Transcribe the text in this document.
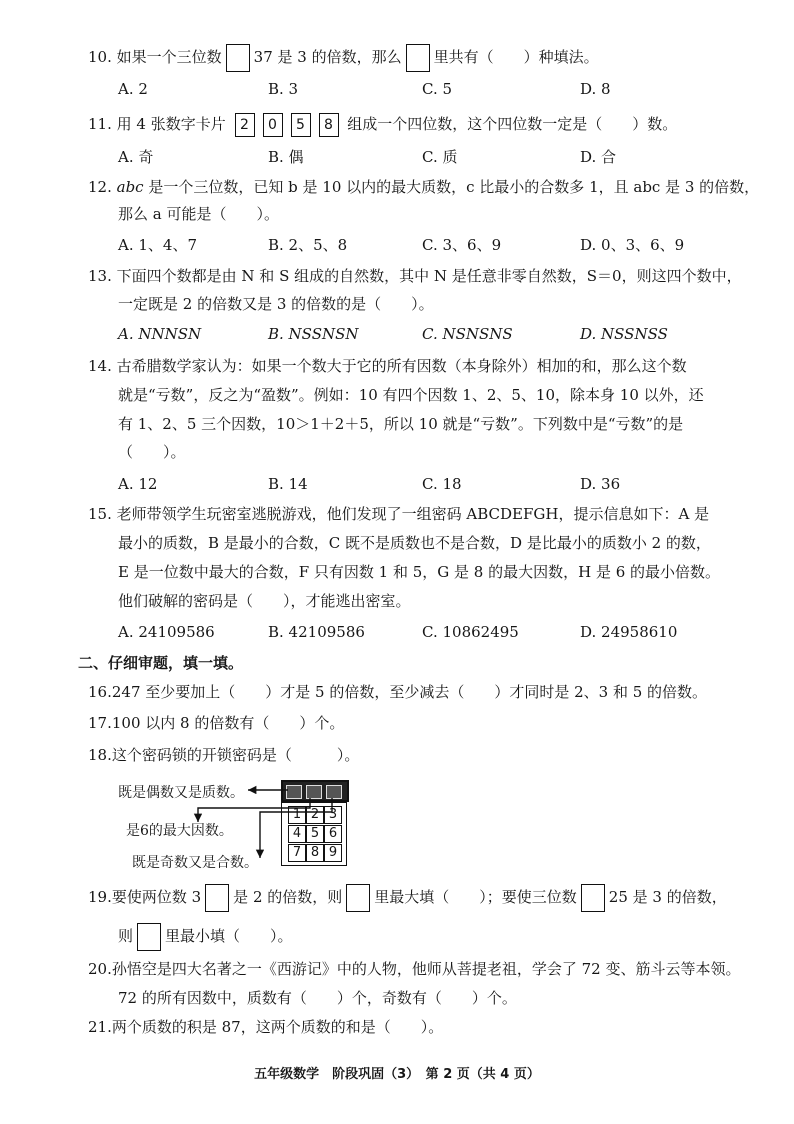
10. 如果一个三位数 37 是 3 的倍数，那么 里共有（　　）种填法。
A. 2	B. 3	C. 5	D. 8
11. 用 4 张数字卡片 2 0 5 8 组成一个四位数，这个四位数一定是（　　）数。
A. 奇	B. 偶	C. 质	D. 合
12. abc 是一个三位数，已知 b 是 10 以内的最大质数，c 比最小的合数多 1，且 abc 是 3 的倍数，
那么 a 可能是（　　）。
A. 1、4、7	B. 2、5、8	C. 3、6、9	D. 0、3、6、9
13. 下面四个数都是由 N 和 S 组成的自然数，其中 N 是任意非零自然数，S＝0，则这四个数中，
一定既是 2 的倍数又是 3 的倍数的是（　　）。
A. NNNSN	B. NSSNSN	C. NSNSNS	D. NSSNSS
14. 古希腊数学家认为：如果一个数大于它的所有因数（本身除外）相加的和，那么这个数
就是“亏数”，反之为“盈数”。例如：10 有四个因数 1、2、5、10，除本身 10 以外，还
有 1、2、5 三个因数，10＞1＋2＋5，所以 10 就是“亏数”。下列数中是“亏数”的是
（　　）。
A. 12	B. 14	C. 18	D. 36
15. 老师带领学生玩密室逃脱游戏，他们发现了一组密码 ABCDEFGH，提示信息如下：A 是
最小的质数，B 是最小的合数，C 既不是质数也不是合数，D 是比最小的质数小 2 的数，
E 是一位数中最大的合数，F 只有因数 1 和 5，G 是 8 的最大因数，H 是 6 的最小倍数。
他们破解的密码是（　　），才能逃出密室。
A. 24109586	B. 42109586	C. 10862495	D. 24958610
二、仔细审题，填一填。
16.247 至少要加上（　　）才是 5 的倍数，至少减去（　　）才同时是 2、3 和 5 的倍数。
17.100 以内 8 的倍数有（　　）个。
18.这个密码锁的开锁密码是（　　　）。
既是偶数又是质数。
是6的最大因数。
既是奇数又是合数。
1 2 3
4 5 6
7 8 9
19.要使两位数 3 是 2 的倍数，则 里最大填（　　）；要使三位数 25 是 3 的倍数，
则 里最小填（　　）。
20.孙悟空是四大名著之一《西游记》中的人物，他师从菩提老祖，学会了 72 变、筋斗云等本领。
72 的所有因数中，质数有（　　）个，奇数有（　　）个。
21.两个质数的积是 87，这两个质数的和是（　　）。
五年级数学　阶段巩固（3）　第 2 页（共 4 页）
